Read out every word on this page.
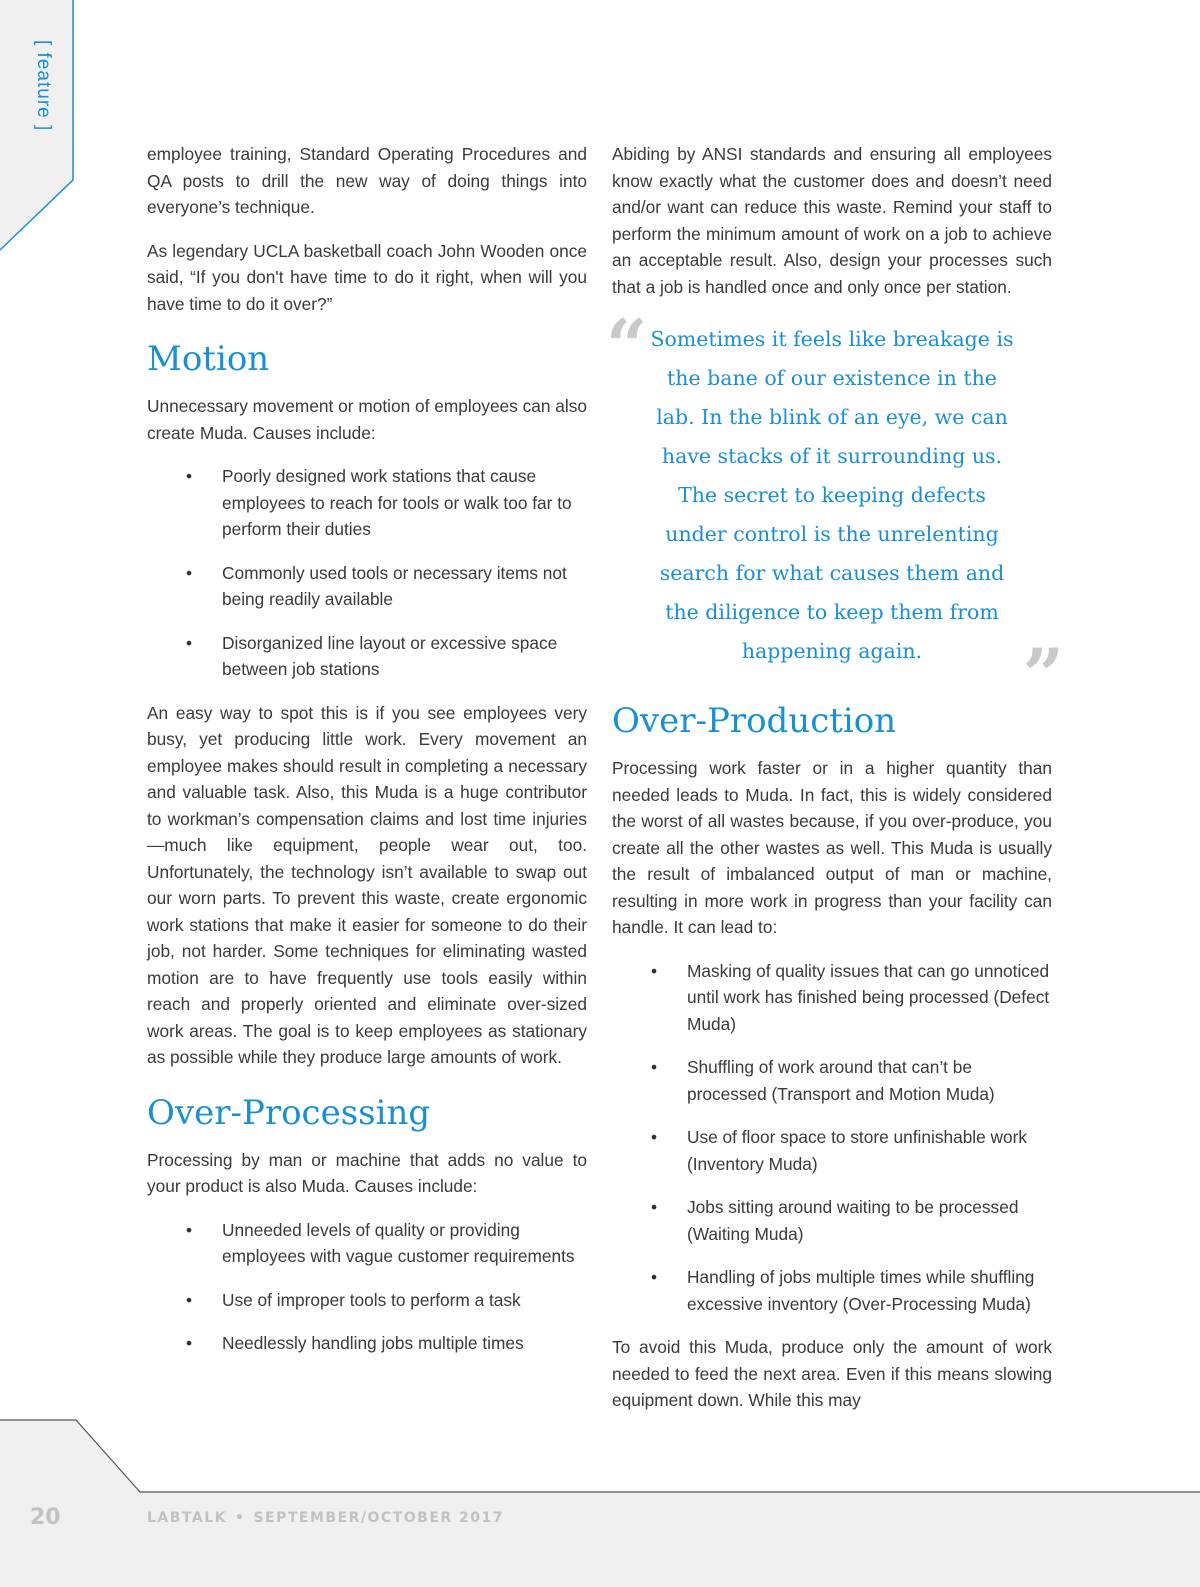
[ feature ]

employee training, Standard Operating Procedures and QA posts to drill the new way of doing things into everyone’s technique.

As legendary UCLA basketball coach John Wooden once said, “If you don't have time to do it right, when will you have time to do it over?”

Motion

Unnecessary movement or motion of employees can also create Muda. Causes include:

• Poorly designed work stations that cause employees to reach for tools or walk too far to perform their duties
• Commonly used tools or necessary items not being readily available
• Disorganized line layout or excessive space between job stations

An easy way to spot this is if you see employees very busy, yet producing little work. Every movement an employee makes should result in completing a necessary and valuable task. Also, this Muda is a huge contributor to workman’s compensation claims and lost time injuries—much like equipment, people wear out, too. Unfortunately, the technology isn’t available to swap out our worn parts. To prevent this waste, create ergonomic work stations that make it easier for someone to do their job, not harder. Some techniques for eliminating wasted motion are to have frequently use tools easily within reach and properly oriented and eliminate over-sized work areas. The goal is to keep employees as stationary as possible while they produce large amounts of work.

Over-Processing

Processing by man or machine that adds no value to your product is also Muda. Causes include:

• Unneeded levels of quality or providing employees with vague customer requirements
• Use of improper tools to perform a task
• Needlessly handling jobs multiple times

Abiding by ANSI standards and ensuring all employees know exactly what the customer does and doesn’t need and/or want can reduce this waste. Remind your staff to perform the minimum amount of work on a job to achieve an acceptable result. Also, design your processes such that a job is handled once and only once per station.

“ Sometimes it feels like breakage is the bane of our existence in the lab. In the blink of an eye, we can have stacks of it surrounding us. The secret to keeping defects under control is the unrelenting search for what causes them and the diligence to keep them from happening again. ”
Over-Production

Processing work faster or in a higher quantity than needed leads to Muda. In fact, this is widely considered the worst of all wastes because, if you over-produce, you create all the other wastes as well. This Muda is usually the result of imbalanced output of man or machine, resulting in more work in progress than your facility can handle. It can lead to:

• Masking of quality issues that can go unnoticed until work has finished being processed (Defect Muda)
• Shuffling of work around that can’t be processed (Transport and Motion Muda)
• Use of floor space to store unfinishable work (Inventory Muda)
• Jobs sitting around waiting to be processed (Waiting Muda)
• Handling of jobs multiple times while shuffling excessive inventory (Over-Processing Muda)

To avoid this Muda, produce only the amount of work needed to feed the next area. Even if this means slowing equipment down. While this may

20	LABTALK • SEPTEMBER/OCTOBER 2017
